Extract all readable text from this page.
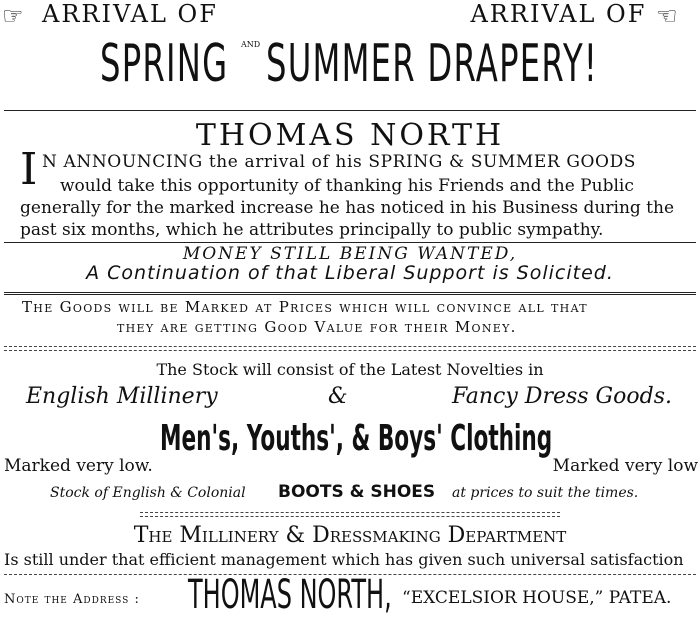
☞ ARRIVAL OF	ARRIVAL OF ☜
SPRING AND SUMMER DRAPERY!
THOMAS NORTH
I N ANNOUNCING the arrival of his SPRING & SUMMER GOODS
would take this opportunity of thanking his Friends and the Public
generally for the marked increase he has noticed in his Business during the
past six months, which he attributes principally to public sympathy.
MONEY STILL BEING WANTED,
A Continuation of that Liberal Support is Solicited.
The Goods will be Marked at Prices which will convince all that
they are getting Good Value for their Money.
The Stock will consist of the Latest Novelties in
English Millinery	&	Fancy Dress Goods.
Men's, Youths', & Boys' Clothing
Marked very low.	Marked very low
Stock of English & Colonial BOOTS & SHOES at prices to suit the times.
The Millinery & Dressmaking Department
Is still under that efficient management which has given such universal satisfaction
Note the Address : THOMAS NORTH, “EXCELSIOR HOUSE,” PATEA.
